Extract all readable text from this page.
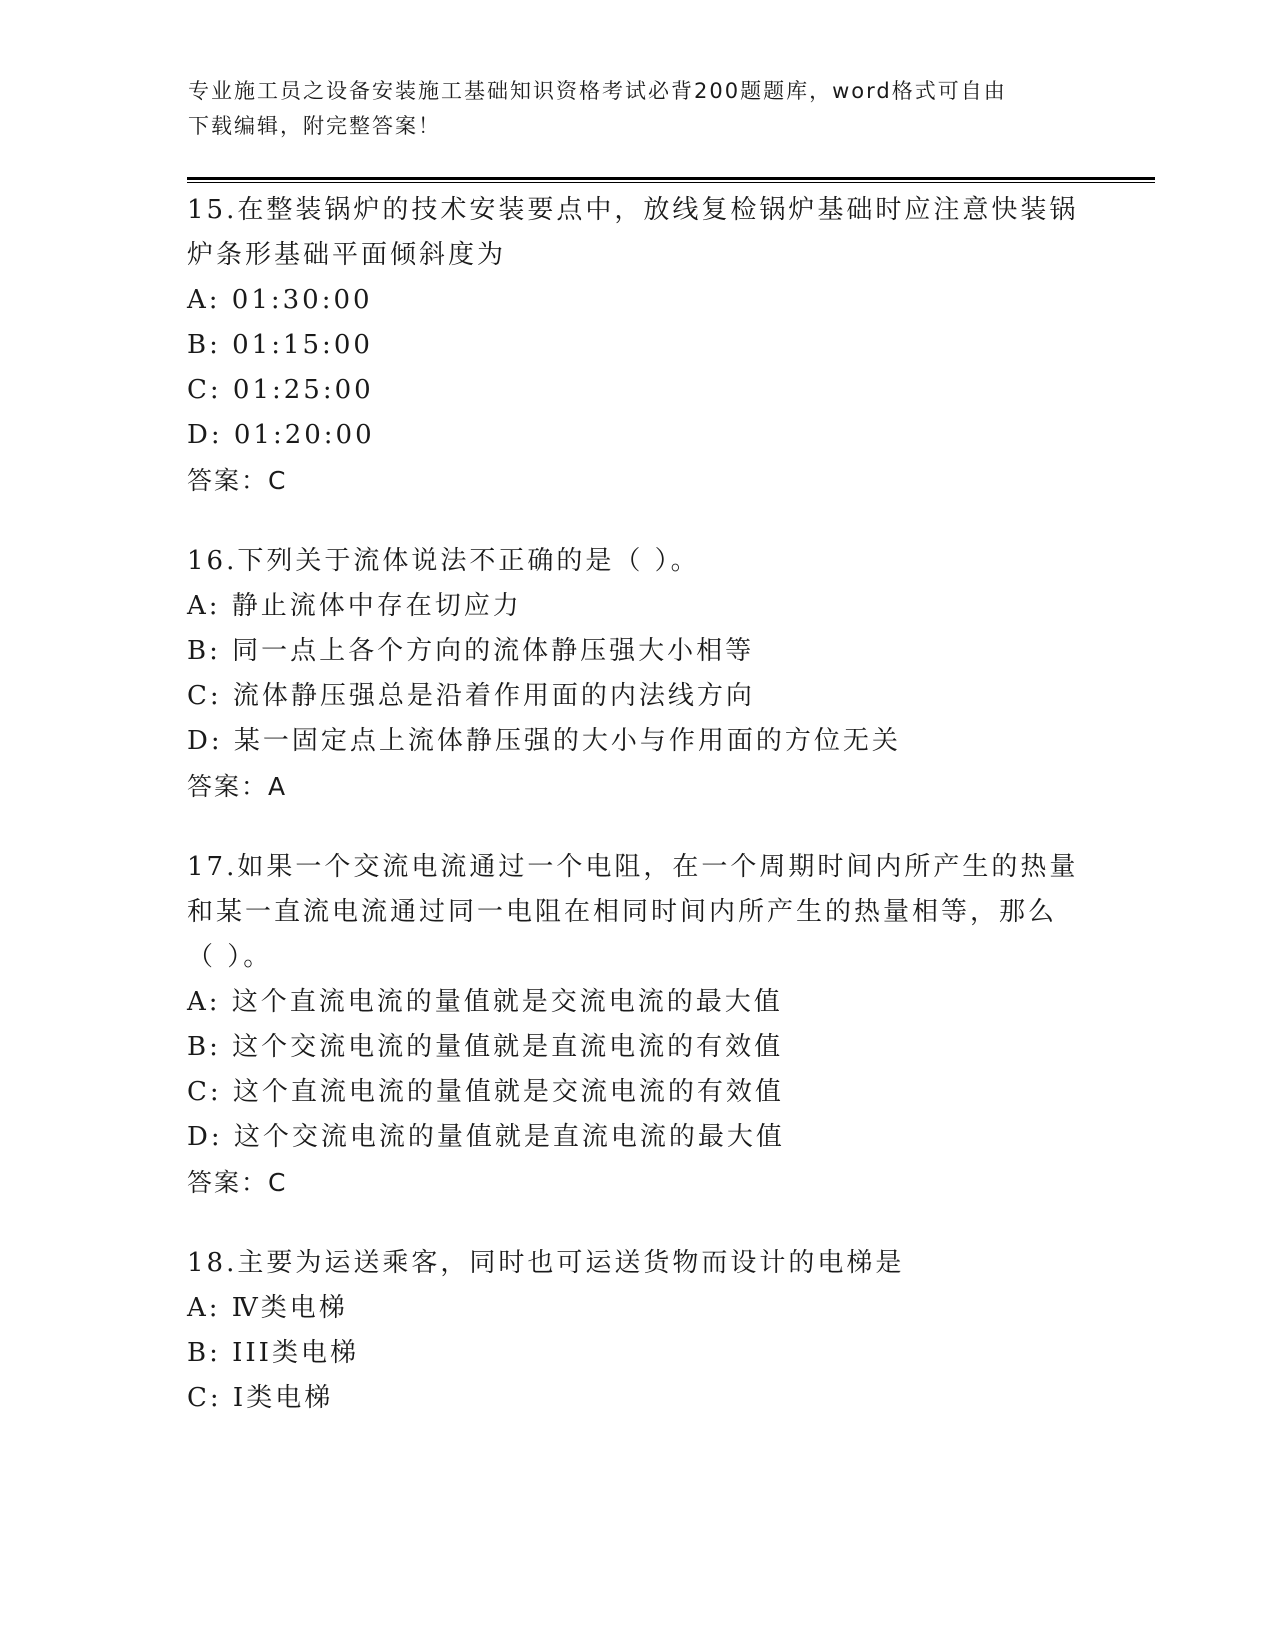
专业施工员之设备安装施工基础知识资格考试必背200题题库，word格式可自由
下载编辑，附完整答案！

15.在整装锅炉的技术安装要点中，放线复检锅炉基础时应注意快装锅

炉条形基础平面倾斜度为

A: 01:30:00

B: 01:15:00

C: 01:25:00

D: 01:20:00

答案：C

16.下列关于流体说法不正确的是（ ）。

A: 静止流体中存在切应力

B: 同一点上各个方向的流体静压强大小相等

C: 流体静压强总是沿着作用面的内法线方向

D: 某一固定点上流体静压强的大小与作用面的方位无关

答案：A

17.如果一个交流电流通过一个电阻，在一个周期时间内所产生的热量

和某一直流电流通过同一电阻在相同时间内所产生的热量相等，那么

（ ）。

A: 这个直流电流的量值就是交流电流的最大值

B: 这个交流电流的量值就是直流电流的有效值

C: 这个直流电流的量值就是交流电流的有效值

D: 这个交流电流的量值就是直流电流的最大值

答案：C

18.主要为运送乘客，同时也可运送货物而设计的电梯是

A: Ⅳ类电梯

B: III类电梯

C: I类电梯
